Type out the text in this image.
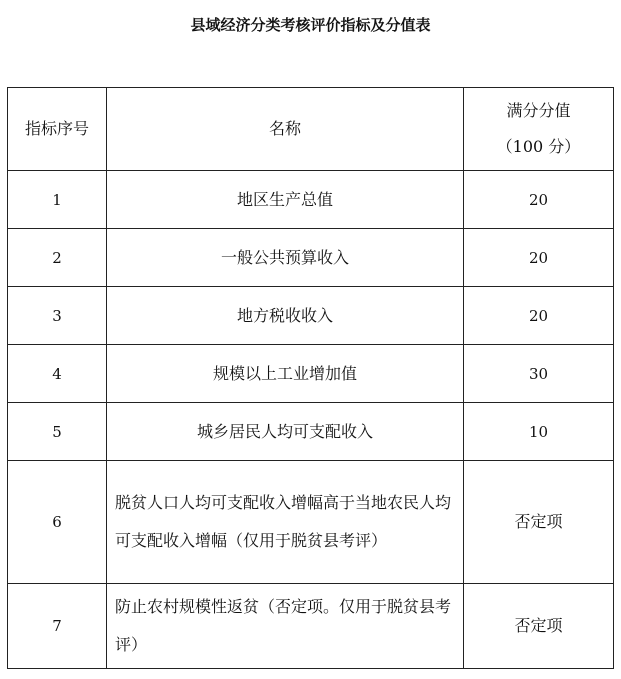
县域经济分类考核评价指标及分值表
指标序号	名称	满分分值
（100 分）

1	地区生产总值	20
2	一般公共预算收入	20
3	地方税收收入	20
4	规模以上工业增加值	30
5	城乡居民人均可支配收入	10
6	脱贫人口人均可支配收入增幅高于当地农民人均可支配收入增幅（仅用于脱贫县考评）	否定项
7	防止农村规模性返贫（否定项。仅用于脱贫县考评）	否定项
